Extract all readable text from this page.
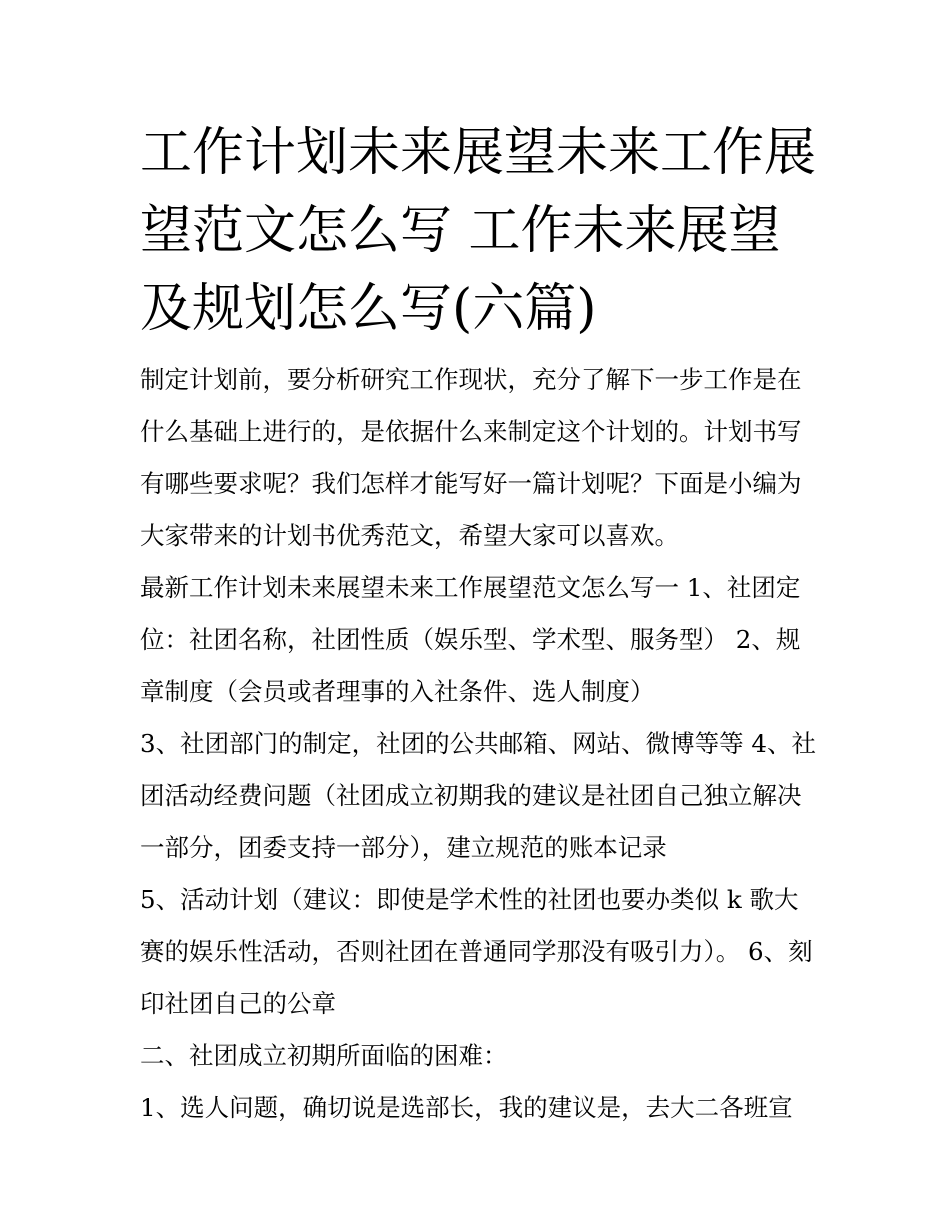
工作计划未来展望未来工作展望范文怎么写 工作未来展望及规划怎么写(六篇)

制定计划前，要分析研究工作现状，充分了解下一步工作是在什么基础上进行的，是依据什么来制定这个计划的。计划书写有哪些要求呢？我们怎样才能写好一篇计划呢？下面是小编为大家带来的计划书优秀范文，希望大家可以喜欢。

最新工作计划未来展望未来工作展望范文怎么写一 1、社团定位：社团名称，社团性质（娱乐型、学术型、服务型） 2、规章制度（会员或者理事的入社条件、选人制度）

3、社团部门的制定，社团的公共邮箱、网站、微博等等 4、社团活动经费问题（社团成立初期我的建议是社团自己独立解决一部分，团委支持一部分），建立规范的账本记录

5、活动计划（建议：即使是学术性的社团也要办类似 k 歌大赛的娱乐性活动，否则社团在普通同学那没有吸引力）。 6、刻印社团自己的公章

二、社团成立初期所面临的困难：

1、选人问题，确切说是选部长，我的建议是，去大二各班宣
